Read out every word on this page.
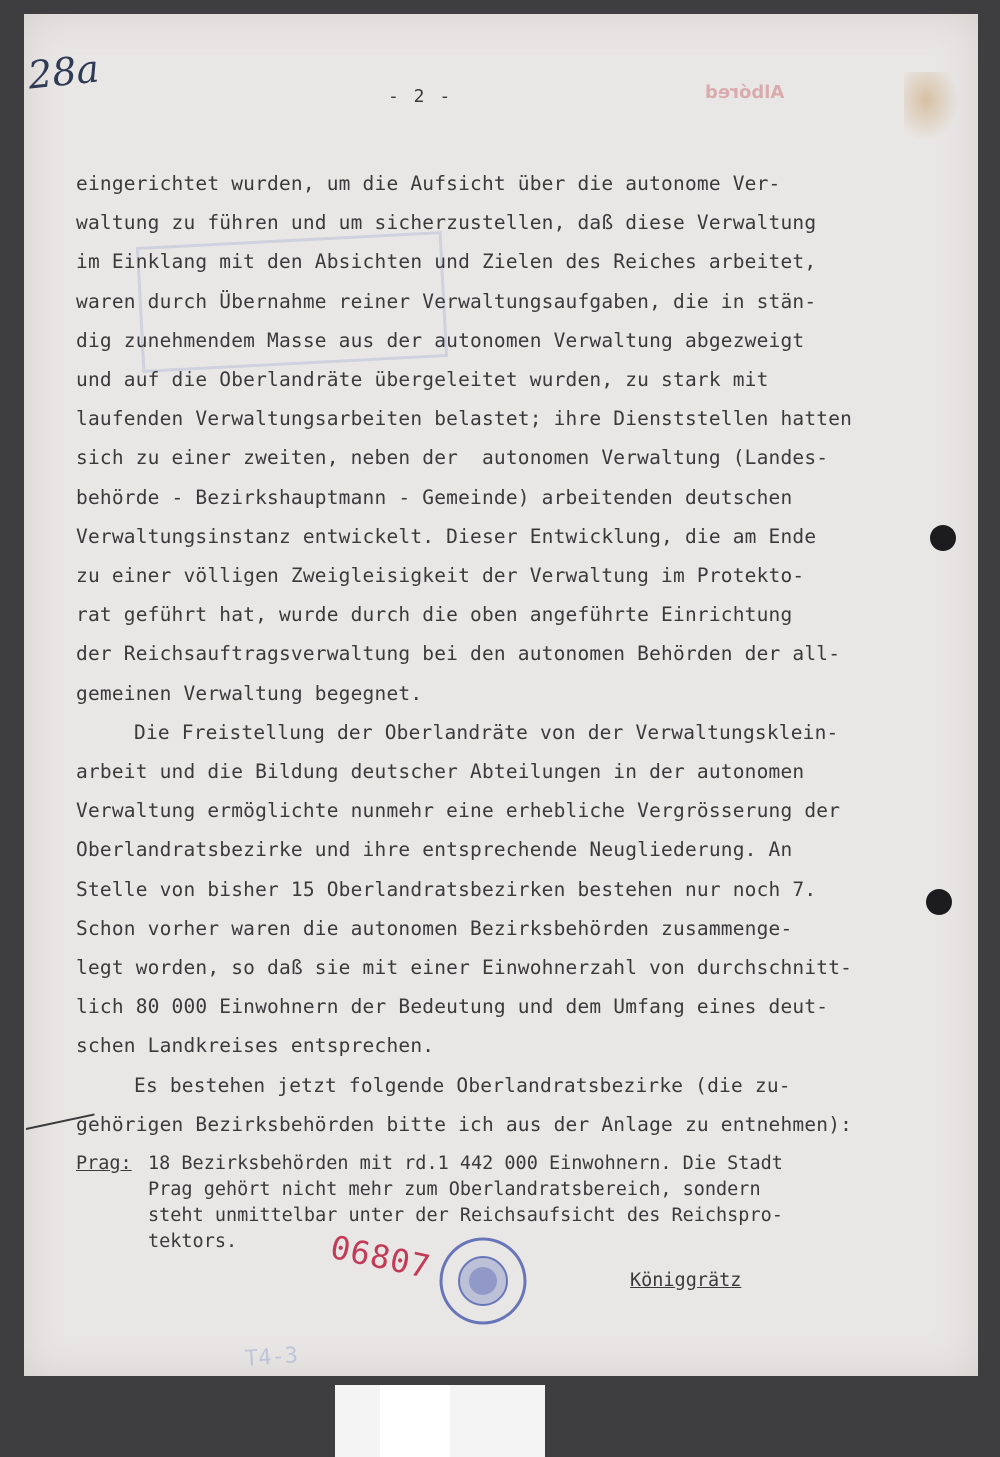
28a	- 2 -	Albóred
eingerichtet wurden, um die Aufsicht über die autonome Ver-
waltung zu führen und um sicherzustellen, daß diese Verwaltung
im Einklang mit den Absichten und Zielen des Reiches arbeitet,
waren durch Übernahme reiner Verwaltungsaufgaben, die in stän-
dig zunehmendem Masse aus der autonomen Verwaltung abgezweigt
und auf die Oberlandräte übergeleitet wurden, zu stark mit
laufenden Verwaltungsarbeiten belastet; ihre Dienststellen hatten
sich zu einer zweiten, neben der  autonomen Verwaltung (Landes-
behörde - Bezirkshauptmann - Gemeinde) arbeitenden deutschen
Verwaltungsinstanz entwickelt. Dieser Entwicklung, die am Ende
zu einer völligen Zweigleisigkeit der Verwaltung im Protekto-
rat geführt hat, wurde durch die oben angeführte Einrichtung
der Reichsauftragsverwaltung bei den autonomen Behörden der all-
gemeinen Verwaltung begegnet.
Die Freistellung der Oberlandräte von der Verwaltungsklein-
arbeit und die Bildung deutscher Abteilungen in der autonomen
Verwaltung ermöglichte nunmehr eine erhebliche Vergrösserung der
Oberlandratsbezirke und ihre entsprechende Neugliederung. An
Stelle von bisher 15 Oberlandratsbezirken bestehen nur noch 7.
Schon vorher waren die autonomen Bezirksbehörden zusammenge-
legt worden, so daß sie mit einer Einwohnerzahl von durchschnitt-
lich 80 000 Einwohnern der Bedeutung und dem Umfang eines deut-
schen Landkreises entsprechen.
Es bestehen jetzt folgende Oberlandratsbezirke (die zu-
gehörigen Bezirksbehörden bitte ich aus der Anlage zu entnehmen):

Prag:

18 Bezirksbehörden mit rd.1 442 000 Einwohnern. Die Stadt
Prag gehört nicht mehr zum Oberlandratsbereich, sondern
steht unmittelbar unter der Reichsaufsicht des Reichspro-
tektors.	06807	Königgrätz
T4-3
